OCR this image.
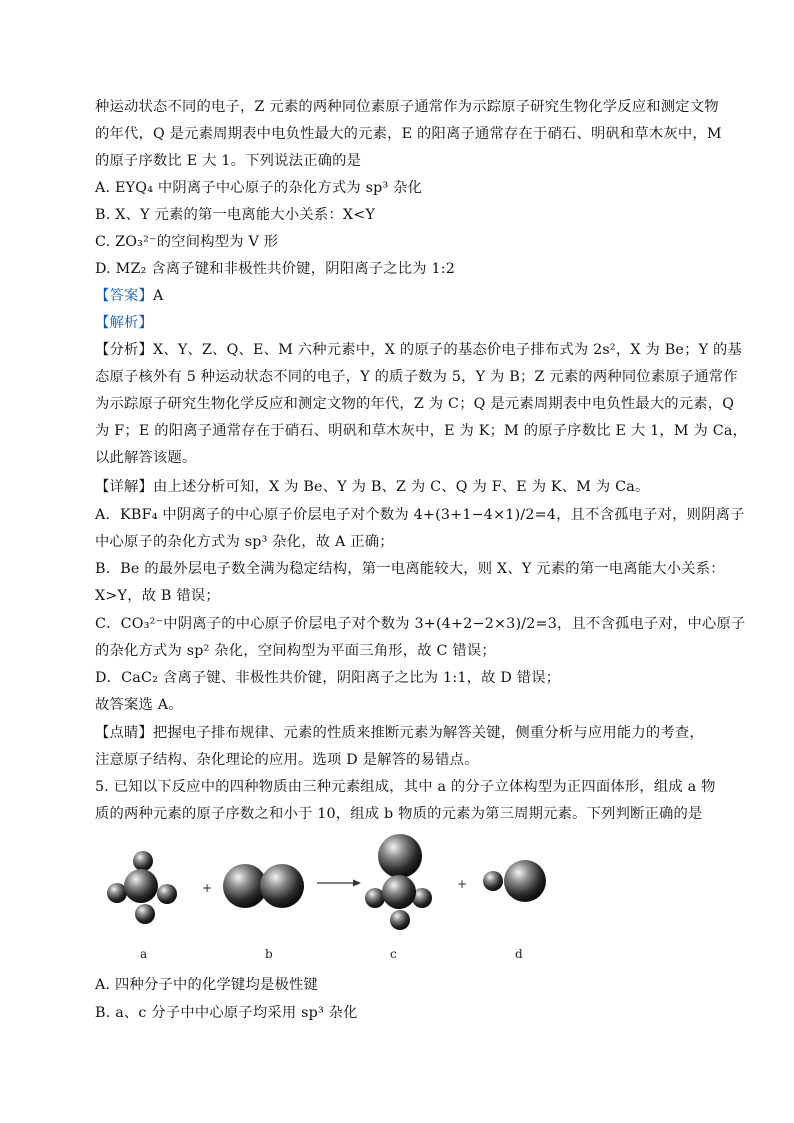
种运动状态不同的电子，Z 元素的两种同位素原子通常作为示踪原子研究生物化学反应和测定文物
的年代，Q 是元素周期表中电负性最大的元素，E 的阳离子通常存在于硝石、明矾和草木灰中，M
的原子序数比 E 大 1。下列说法正确的是
A. EYQ₄ 中阴离子中心原子的杂化方式为 sp³ 杂化
B. X、Y 元素的第一电离能大小关系：X<Y
C. ZO₃²⁻的空间构型为 V 形
D. MZ₂ 含离子键和非极性共价键，阴阳离子之比为 1:2
【答案】A
【解析】
【分析】X、Y、Z、Q、E、M 六种元素中，X 的原子的基态价电子排布式为 2s²，X 为 Be；Y 的基
态原子核外有 5 种运动状态不同的电子，Y 的质子数为 5，Y 为 B；Z 元素的两种同位素原子通常作
为示踪原子研究生物化学反应和测定文物的年代，Z 为 C；Q 是元素周期表中电负性最大的元素，Q
为 F；E 的阳离子通常存在于硝石、明矾和草木灰中，E 为 K；M 的原子序数比 E 大 1，M 为 Ca，
以此解答该题。
【详解】由上述分析可知，X 为 Be、Y 为 B、Z 为 C、Q 为 F、E 为 K、M 为 Ca。
A．KBF₄ 中阴离子的中心原子价层电子对个数为 4+(3+1−4×1)/2=4，且不含孤电子对，则阴离子
中心原子的杂化方式为 sp³ 杂化，故 A 正确；
B．Be 的最外层电子数全满为稳定结构，第一电离能较大，则 X、Y 元素的第一电离能大小关系：
X>Y，故 B 错误；
C．CO₃²⁻中阴离子的中心原子价层电子对个数为 3+(4+2−2×3)/2=3，且不含孤电子对，中心原子
的杂化方式为 sp² 杂化，空间构型为平面三角形，故 C 错误；
D．CaC₂ 含离子键、非极性共价键，阴阳离子之比为 1:1，故 D 错误；
故答案选 A。
【点睛】把握电子排布规律、元素的性质来推断元素为解答关键，侧重分析与应用能力的考查，
注意原子结构、杂化理论的应用。选项 D 是解答的易错点。
5. 已知以下反应中的四种物质由三种元素组成，其中 a 的分子立体构型为正四面体形，组成 a 物
质的两种元素的原子序数之和小于 10，组成 b 物质的元素为第三周期元素。下列判断正确的是
+	+
a	b	c	d
A. 四种分子中的化学键均是极性键
B. a、c 分子中中心原子均采用 sp³ 杂化
